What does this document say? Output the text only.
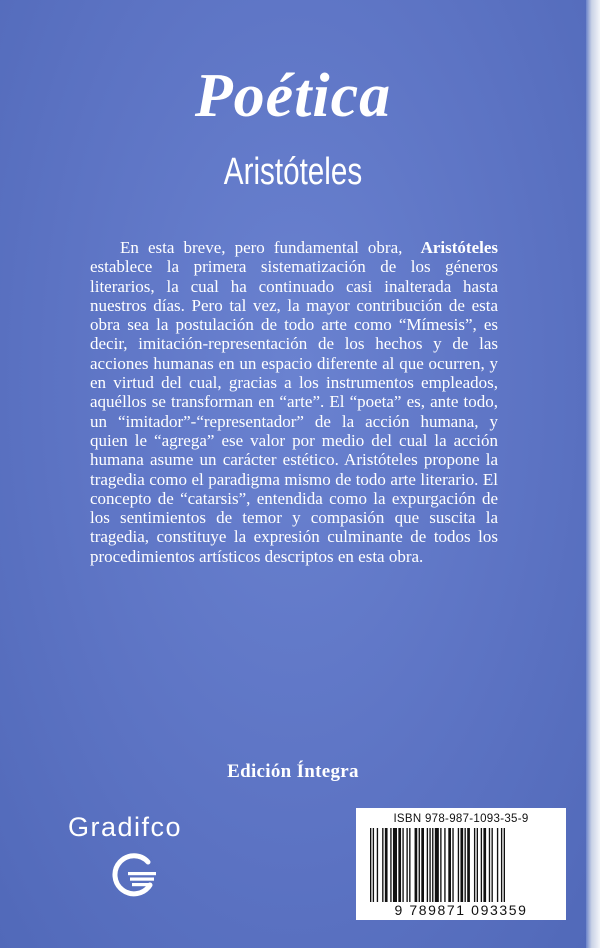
Poética
Aristóteles

En esta breve, pero fundamental obra, Aristóteles establece la primera sistematización de los géneros literarios, la cual ha continuado casi inalterada hasta nuestros días. Pero tal vez, la mayor contribución de esta obra sea la postulación de todo arte como “Mímesis”, es decir, imitación-representación de los hechos y de las acciones humanas en un espacio diferente al que ocurren, y en virtud del cual, gracias a los instrumentos empleados, aquéllos se transforman en “arte”. El “poeta” es, ante todo, un “imitador”-“representador” de la acción humana, y quien le “agrega” ese valor por medio del cual la acción humana asume un carácter estético. Aristóteles propone la tragedia como el paradigma mismo de todo arte literario. El concepto de “catarsis”, entendida como la expurgación de los sentimientos de temor y compasión que suscita la tragedia, constituye la expresión culminante de todos los procedimientos artísticos descriptos en esta obra.

Edición Íntegra
Gradifco	ISBN 978-987-1093-35-9
9 789871 093359
